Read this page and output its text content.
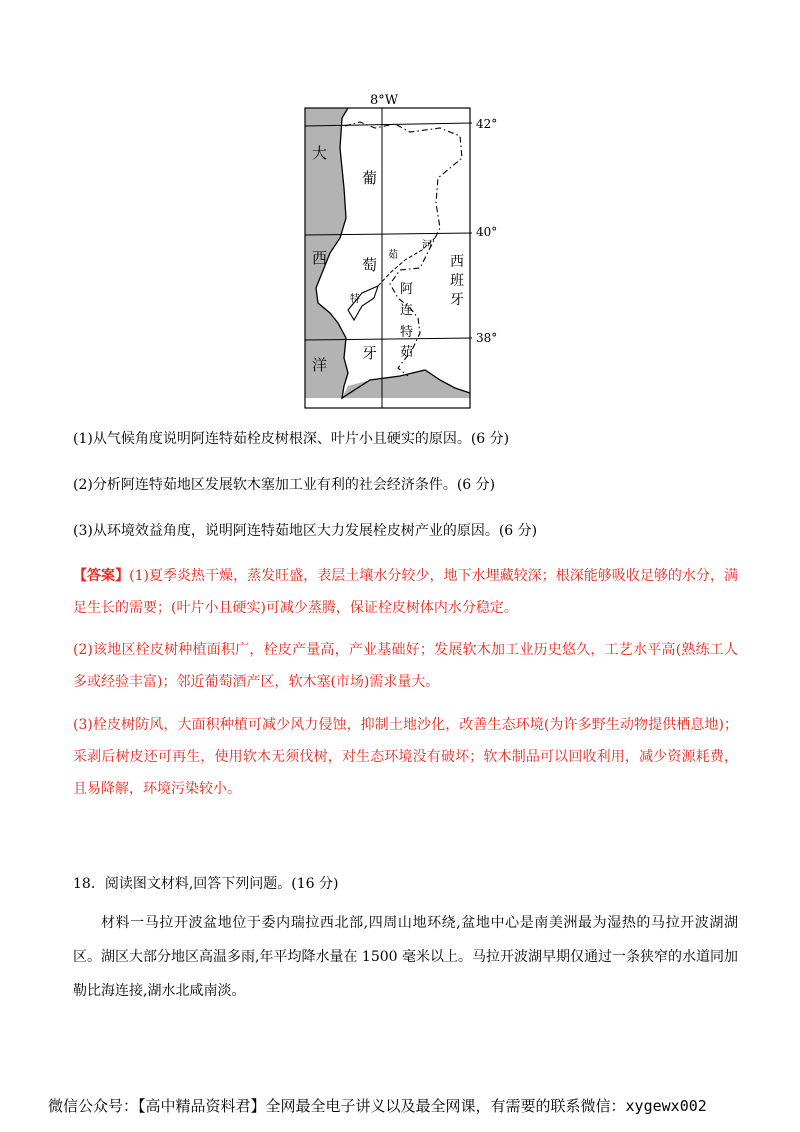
8°W
42°
40°
38°
大
西
洋
葡
萄
牙
西
班
牙
阿
连
特
茹
茹
河
特
(1)从气候角度说明阿连特茹栓皮树根深、叶片小且硬实的原因。(6 分)
(2)分析阿连特茹地区发展软木塞加工业有利的社会经济条件。(6 分)
(3)从环境效益角度，说明阿连特茹地区大力发展栓皮树产业的原因。(6 分)
【答案】(1)夏季炎热干燥，蒸发旺盛，表层土壤水分较少，地下水埋藏较深；根深能够吸收足够的水分，满足生长的需要；(叶片小且硬实)可减少蒸腾，保证栓皮树体内水分稳定。
(2)该地区栓皮树种植面积广，栓皮产量高，产业基础好；发展软木加工业历史悠久，工艺水平高(熟练工人多或经验丰富)；邻近葡萄酒产区，软木塞(市场)需求量大。
(3)栓皮树防风，大面积种植可减少风力侵蚀，抑制土地沙化，改善生态环境(为许多野生动物提供栖息地)；采剥后树皮还可再生，使用软木无须伐树，对生态环境没有破坏；软木制品可以回收利用，减少资源耗费，且易降解，环境污染较小。
18．阅读图文材料,回答下列问题。(16 分)
材料一马拉开波盆地位于委内瑞拉西北部,四周山地环绕,盆地中心是南美洲最为湿热的马拉开波湖湖区。湖区大部分地区高温多雨,年平均降水量在 1500 毫米以上。马拉开波湖早期仅通过一条狭窄的水道同加勒比海连接,湖水北咸南淡。
微信公众号：【高中精品资料君】全网最全电子讲义以及最全网课，有需要的联系微信：xygewx002
